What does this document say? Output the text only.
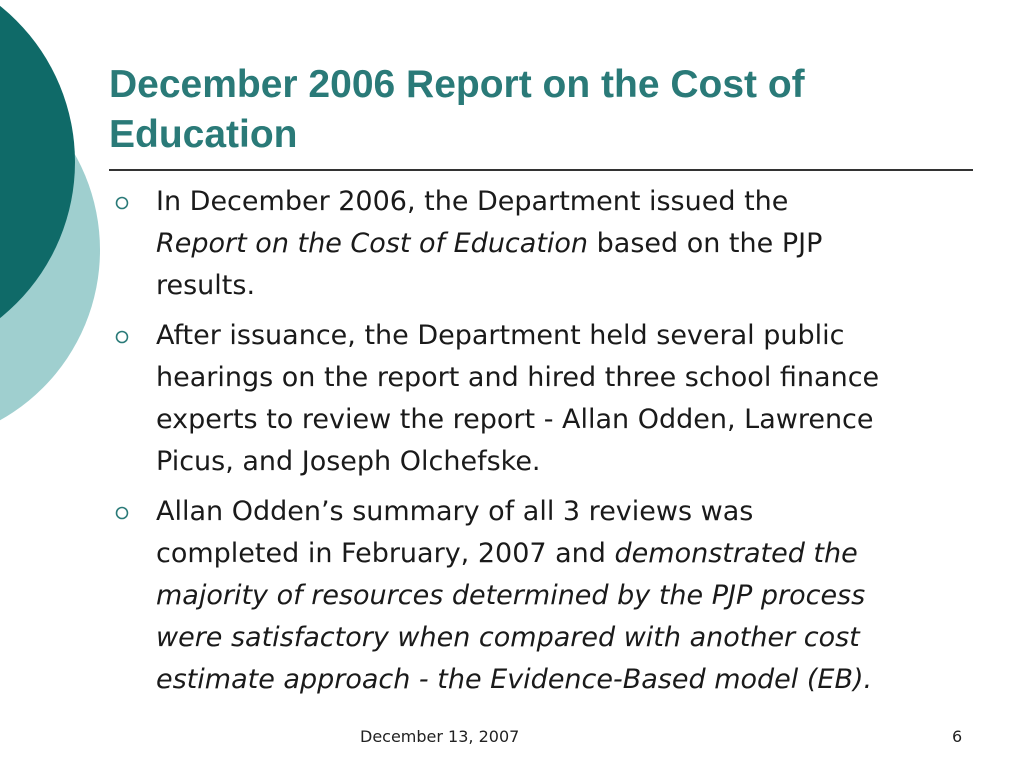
December 2006 Report on the Cost of Education
In December 2006, the Department issued the
Report on the Cost of Education based on the PJP
results.
After issuance, the Department held several public
hearings on the report and hired three school finance
experts to review the report - Allan Odden, Lawrence
Picus, and Joseph Olchefske.
Allan Odden’s summary of all 3 reviews was
completed in February, 2007 and demonstrated the
majority of resources determined by the PJP process
were satisfactory when compared with another cost
estimate approach - the Evidence-Based model (EB).
December 13, 2007	6
